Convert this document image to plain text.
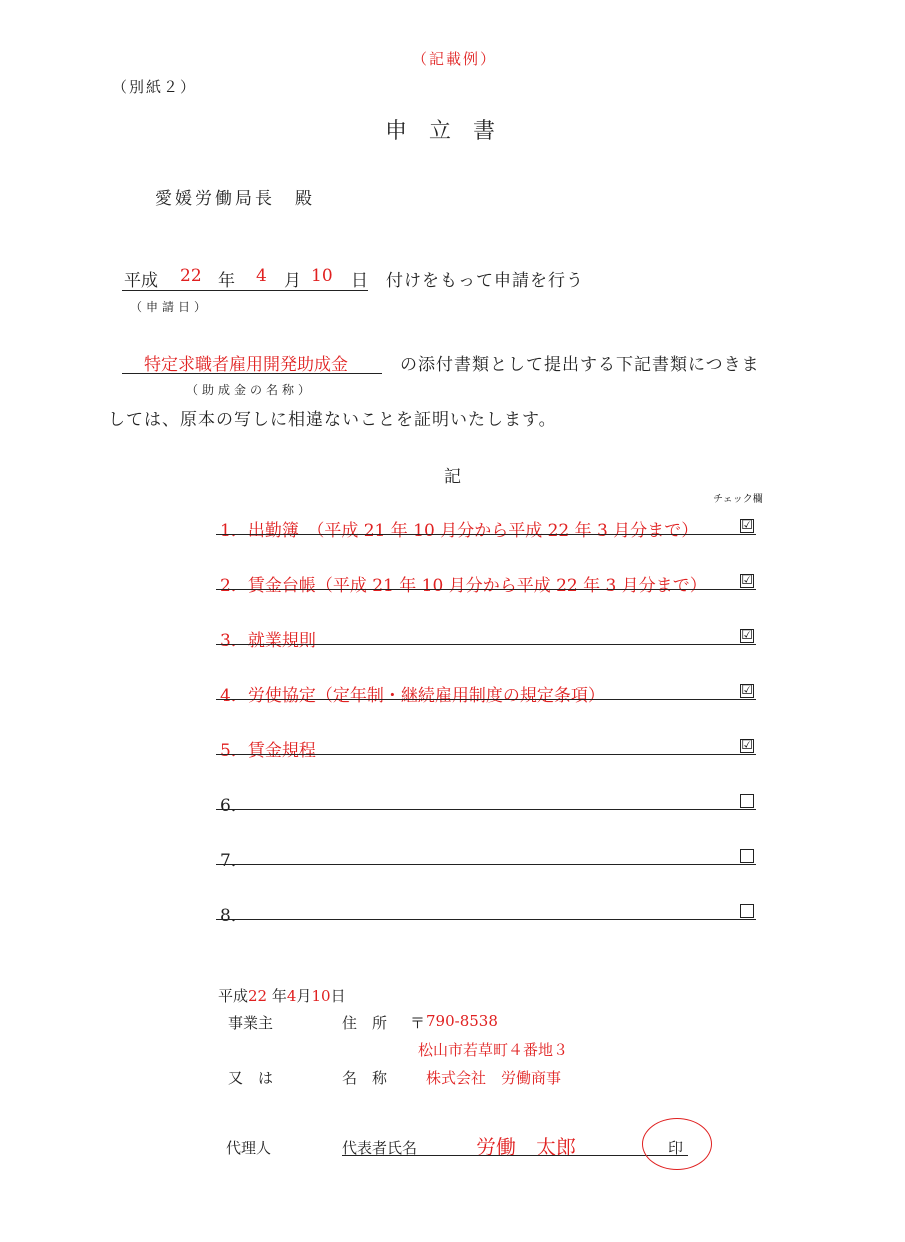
（記載例）
（別紙２）
申　立　書
愛媛労働局長　殿
平成 22 年 4 月 10 日 付けをもって申請を行う
（申請日）
特定求職者雇用開発助成金	の添付書類として提出する下記書類につきま
（助成金の名称）
しては、原本の写しに相違ないことを証明いたします。
記
チェック欄
1．出勤簿　（平成 21 年 10 月分から平成 22 年 3 月分まで）	☑
2．賃金台帳（平成 21 年 10 月分から平成 22 年 3 月分まで）	☑
3．就業規則	☑
4．労使協定（定年制・継続雇用制度の規定条項）	☑
5．賃金規程	☑
6．
7．
8．
平成22 年4月10日
事業主	住　所 〒 790-8538
松山市若草町４番地３
又　は	名　称	株式会社　労働商事
代理人	代表者氏名	労働　太郎	印
